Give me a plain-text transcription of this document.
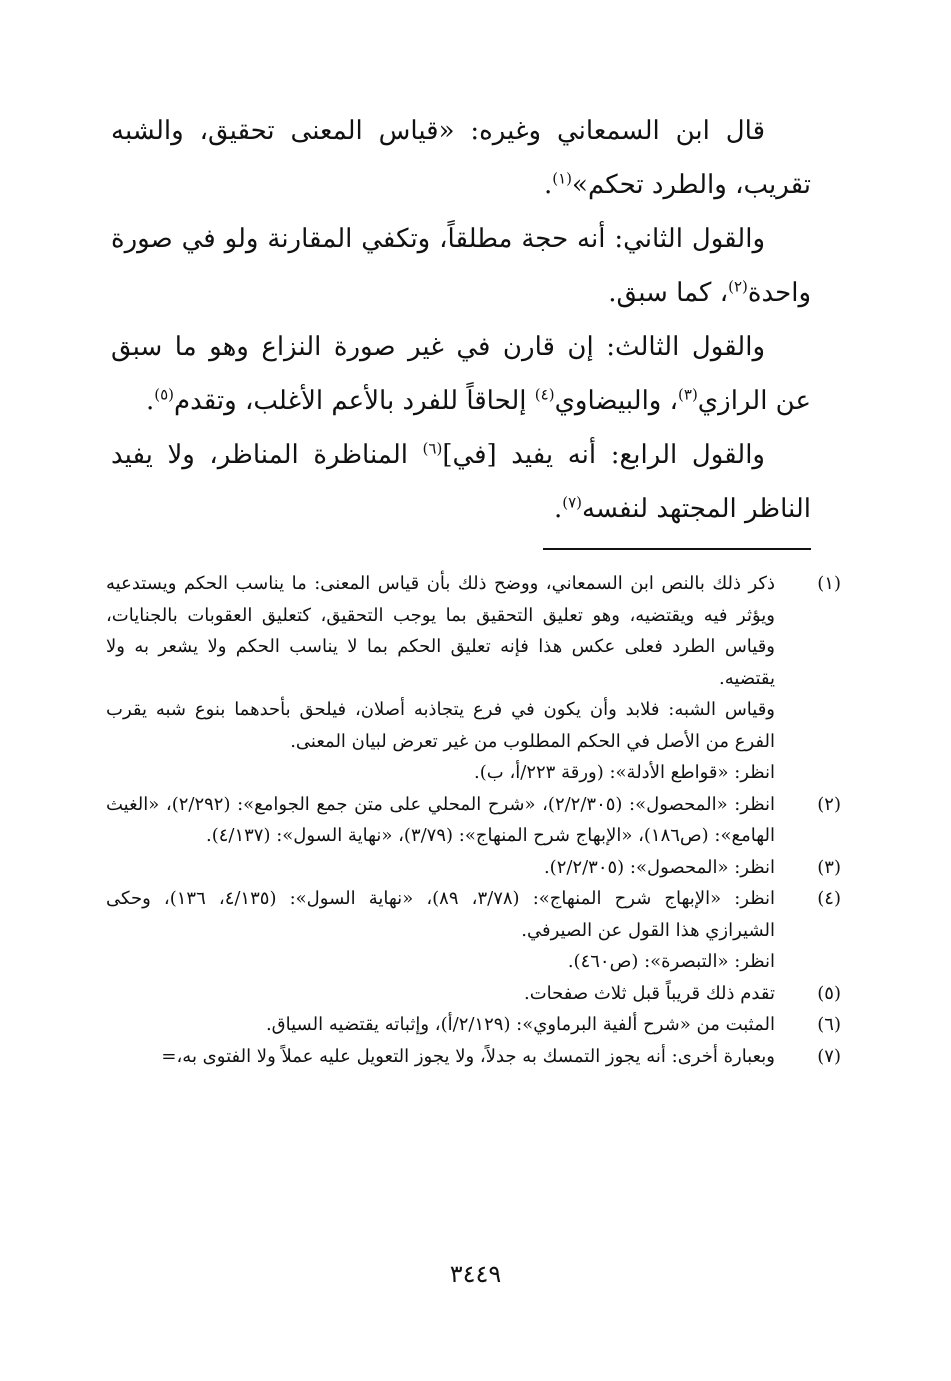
قال ابن السمعاني وغيره: «قياس المعنى تحقيق، والشبه تقريب، والطرد تحكم»$^{(١)}$.

والقول الثاني: أنه حجة مطلقاً، وتكفي المقارنة ولو في صورة واحدة$^{(٢)}$، كما سبق.

والقول الثالث: إن قارن في غير صورة النزاع وهو ما سبق عن الرازي$^{(٣)}$، والبيضاوي$^{(٤)}$ إلحاقاً للفرد بالأعم الأغلب، وتقدم$^{(٥)}$.

والقول الرابع: أنه يفيد [في]$^{(٦)}$ المناظرة المناظر، ولا يفيد الناظر المجتهد لنفسه$^{(٧)}$.

(١)

ذكر ذلك بالنص ابن السمعاني، ووضح ذلك بأن قياس المعنى: ما يناسب الحكم ويستدعيه ويؤثر فيه ويقتضيه، وهو تعليق التحقيق بما يوجب التحقيق، كتعليق العقوبات بالجنايات، وقياس الطرد فعلى عكس هذا فإنه تعليق الحكم بما لا يناسب الحكم ولا يشعر به ولا يقتضيه.

وقياس الشبه: فلابد وأن يكون في فرع يتجاذبه أصلان، فيلحق بأحدهما بنوع شبه يقرب الفرع من الأصل في الحكم المطلوب من غير تعرض لبيان المعنى.

انظر: «قواطع الأدلة»: (ورقة ٢٢٣/أ، ب).

(٢)

انظر: «المحصول»: (٢/٢/٣٠٥)، «شرح المحلي على متن جمع الجوامع»: (٢/٢٩٢)، «الغيث الهامع»: (ص١٨٦)، «الإبهاج شرح المنهاج»: (٣/٧٩)، «نهاية السول»: (٤/١٣٧).

(٣)

انظر: «المحصول»: (٢/٢/٣٠٥).

(٤)

انظر: «الإبهاج شرح المنهاج»: (٣/٧٨، ٨٩)، «نهاية السول»: (٤/١٣٥، ١٣٦)، وحكى الشيرازي هذا القول عن الصيرفي.

انظر: «التبصرة»: (ص٤٦٠).

(٥)

تقدم ذلك قريباً قبل ثلاث صفحات.

(٦)

المثبت من «شرح ألفية البرماوي»: (٢/١٢٩/أ)، وإثباته يقتضيه السياق.

(٧)

وبعبارة أخرى: أنه يجوز التمسك به جدلاً، ولا يجوز التعويل عليه عملاً ولا الفتوى به،=

٣٤٤٩
